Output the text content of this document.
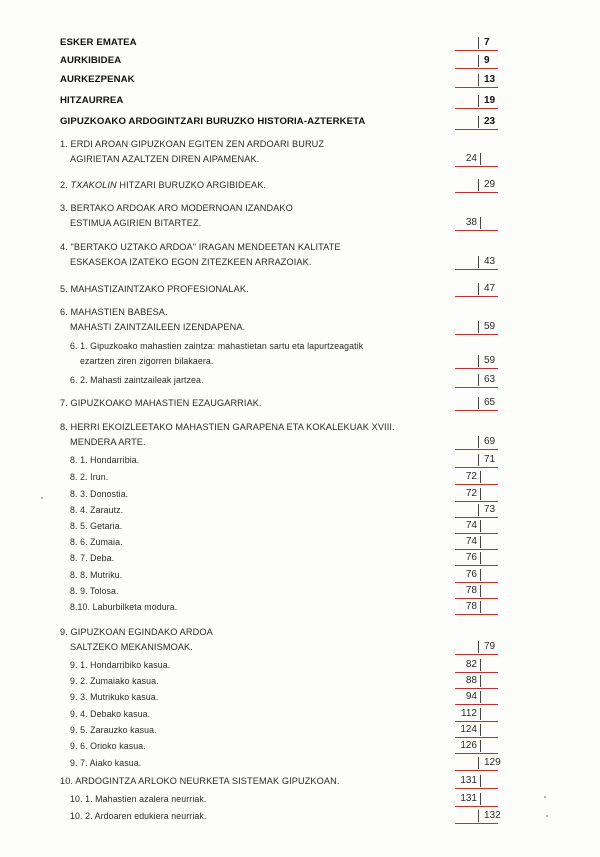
ESKER EMATEA	7
AURKIBIDEA	9
AURKEZPENAK	13
HITZAURREA	19
GIPUZKOAKO ARDOGINTZARI BURUZKO HISTORIA-AZTERKETA	23
1. ERDI AROAN GIPUZKOAN EGITEN ZEN ARDOARI BURUZ
AGIRIETAN AZALTZEN DIREN AIPAMENAK.	24
2. TXAKOLIN HITZARI BURUZKO ARGIBIDEAK.	29
3. BERTAKO ARDOAK ARO MODERNOAN IZANDAKO
ESTIMUA AGIRIEN BITARTEZ.	38
4. "BERTAKO UZTAKO ARDOA" IRAGAN MENDEETAN KALITATE
ESKASEKOA IZATEKO EGON ZITEZKEEN ARRAZOIAK.	43
5. MAHASTIZAINTZAKO PROFESIONALAK.	47
6. MAHASTIEN BABESA.
MAHASTI ZAINTZAILEEN IZENDAPENA.	59
6. 1. Gipuzkoako mahastien zaintza: mahastietan sartu eta lapurtzeagatik
ezartzen ziren zigorren bilakaera.	59
6. 2. Mahasti zaintzaileak jartzea.	63
7. GIPUZKOAKO MAHASTIEN EZAUGARRIAK.	65
8. HERRI EKOIZLEETAKO MAHASTIEN GARAPENA ETA KOKALEKUAK XVIII.
MENDERA ARTE.	69
8. 1. Hondarribia.	71
8. 2. Irun.	72
8. 3. Donostia.	72
8. 4. Zarautz.	73
8. 5. Getaria.	74
8. 6. Zumaia.	74
8. 7. Deba.	76
8. 8. Mutriku.	76
8. 9. Tolosa.	78
8.10. Laburbilketa modura.	78
9. GIPUZKOAN EGINDAKO ARDOA
SALTZEKO MEKANISMOAK.	79
9. 1. Hondarribiko kasua.	82
9. 2. Zumaiako kasua.	88
9. 3. Mutrikuko kasua.	94
9. 4. Debako kasua.	112
9. 5. Zarauzko kasua.	124
9. 6. Orioko kasua.	126
9. 7. Aiako kasua.	129
10. ARDOGINTZA ARLOKO NEURKETA SISTEMAK GIPUZKOAN.	131
10. 1. Mahastien azalera neurriak.	131
10. 2. Ardoaren edukiera neurriak.	132
